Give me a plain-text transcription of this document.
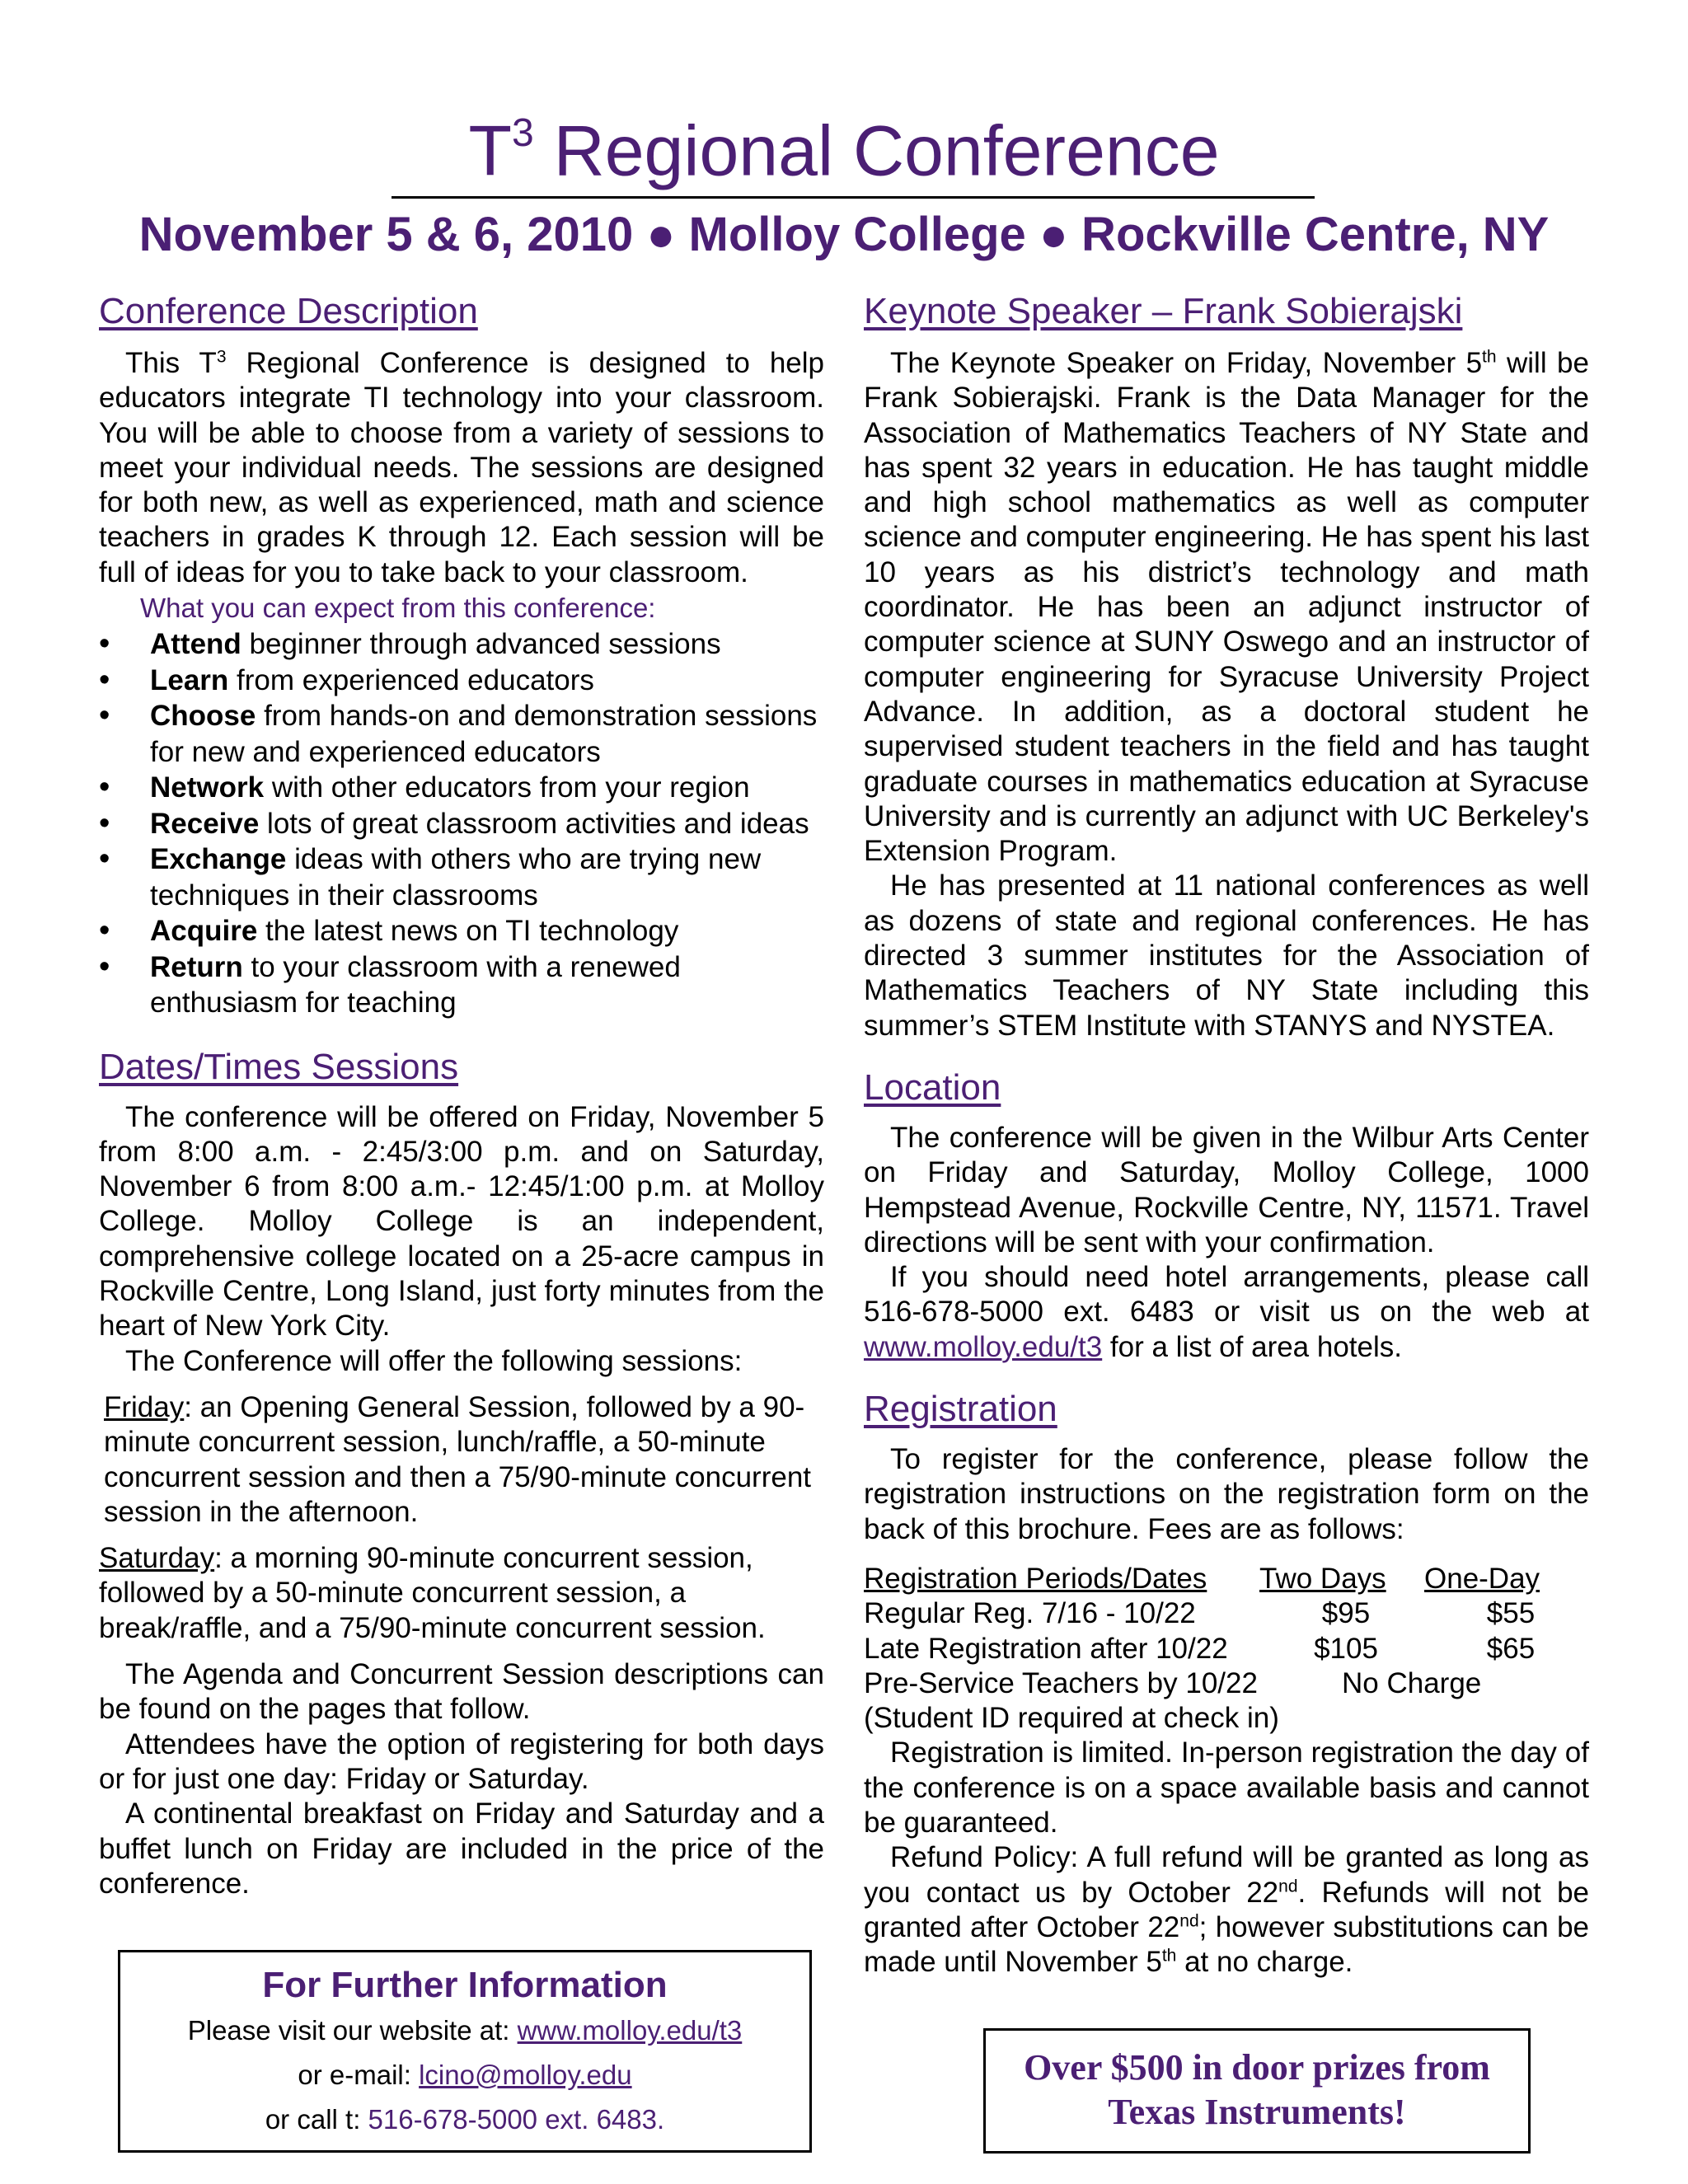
$T^3$ Regional Conference
November 5 & 6, 2010 ● Molloy College ● Rockville Centre, NY
Conference Description

This $T^3$ Regional Conference is designed to help educators integrate TI technology into your classroom. You will be able to choose from a variety of sessions to meet your individual needs. The sessions are designed for both new, as well as experienced, math and science teachers in grades K through 12. Each session will be full of ideas for you to take back to your classroom.

What you can expect from this conference:

• Attend beginner through advanced sessions
• Learn from experienced educators
• Choose from hands-on and demonstration sessions for new and experienced educators
• Network with other educators from your region
• Receive lots of great classroom activities and ideas
• Exchange ideas with others who are trying new techniques in their classrooms
• Acquire the latest news on TI technology
• Return to your classroom with a renewed enthusiasm for teaching
Dates/Times Sessions

The conference will be offered on Friday, November 5 from 8:00 a.m. - 2:45/3:00 p.m. and on Saturday, November 6 from 8:00 a.m.- 12:45/1:00 p.m. at Molloy College. Molloy College is an independent, comprehensive college located on a 25-acre campus in Rockville Centre, Long Island, just forty minutes from the heart of New York City.

The Conference will offer the following sessions:

Friday: an Opening General Session, followed by a 90-minute concurrent session, lunch/raffle, a 50-minute concurrent session and then a 75/90-minute concurrent session in the afternoon.

Saturday: a morning 90-minute concurrent session, followed by a 50-minute concurrent session, a break/raffle, and a 75/90-minute concurrent session.

The Agenda and Concurrent Session descriptions can be found on the pages that follow.

Attendees have the option of registering for both days or for just one day: Friday or Saturday.

A continental breakfast on Friday and Saturday and a buffet lunch on Friday are included in the price of the conference.

For Further Information
Please visit our website at: www.molloy.edu/t3
or e-mail: lcino@molloy.edu
or call t: 516-678-5000 ext. 6483.
Keynote Speaker – Frank Sobierajski

The Keynote Speaker on Friday, November 5th will be Frank Sobierajski. Frank is the Data Manager for the Association of Mathematics Teachers of NY State and has spent 32 years in education. He has taught middle and high school mathematics as well as computer science and computer engineering. He has spent his last 10 years as his district’s technology and math coordinator. He has been an adjunct instructor of computer science at SUNY Oswego and an instructor of computer engineering for Syracuse University Project Advance. In addition, as a doctoral student he supervised student teachers in the field and has taught graduate courses in mathematics education at Syracuse University and is currently an adjunct with UC Berkeley's Extension Program.

He has presented at 11 national conferences as well as dozens of state and regional conferences. He has directed 3 summer institutes for the Association of Mathematics Teachers of NY State including this summer’s STEM Institute with STANYS and NYSTEA.

Location

The conference will be given in the Wilbur Arts Center on Friday and Saturday, Molloy College, 1000 Hempstead Avenue, Rockville Centre, NY, 11571. Travel directions will be sent with your confirmation.

If you should need hotel arrangements, please call 516-678-5000 ext. 6483 or visit us on the web at www.molloy.edu/t3 for a list of area hotels.

Registration

To register for the conference, please follow the registration instructions on the registration form on the back of this brochure. Fees are as follows:

Registration Periods/Dates	Two Days	One-Day
Regular Reg. 7/16 - 10/22	$95	$55
Late Registration after 10/22	$105	$65
Pre-Service Teachers by 10/22	No Charge
(Student ID required at check in)

Registration is limited. In-person registration the day of the conference is on a space available basis and cannot be guaranteed.

Refund Policy: A full refund will be granted as long as you contact us by October 22nd. Refunds will not be granted after October 22nd; however substitutions can be made until November 5th at no charge.

Over $500 in door prizes from
Texas Instruments!
